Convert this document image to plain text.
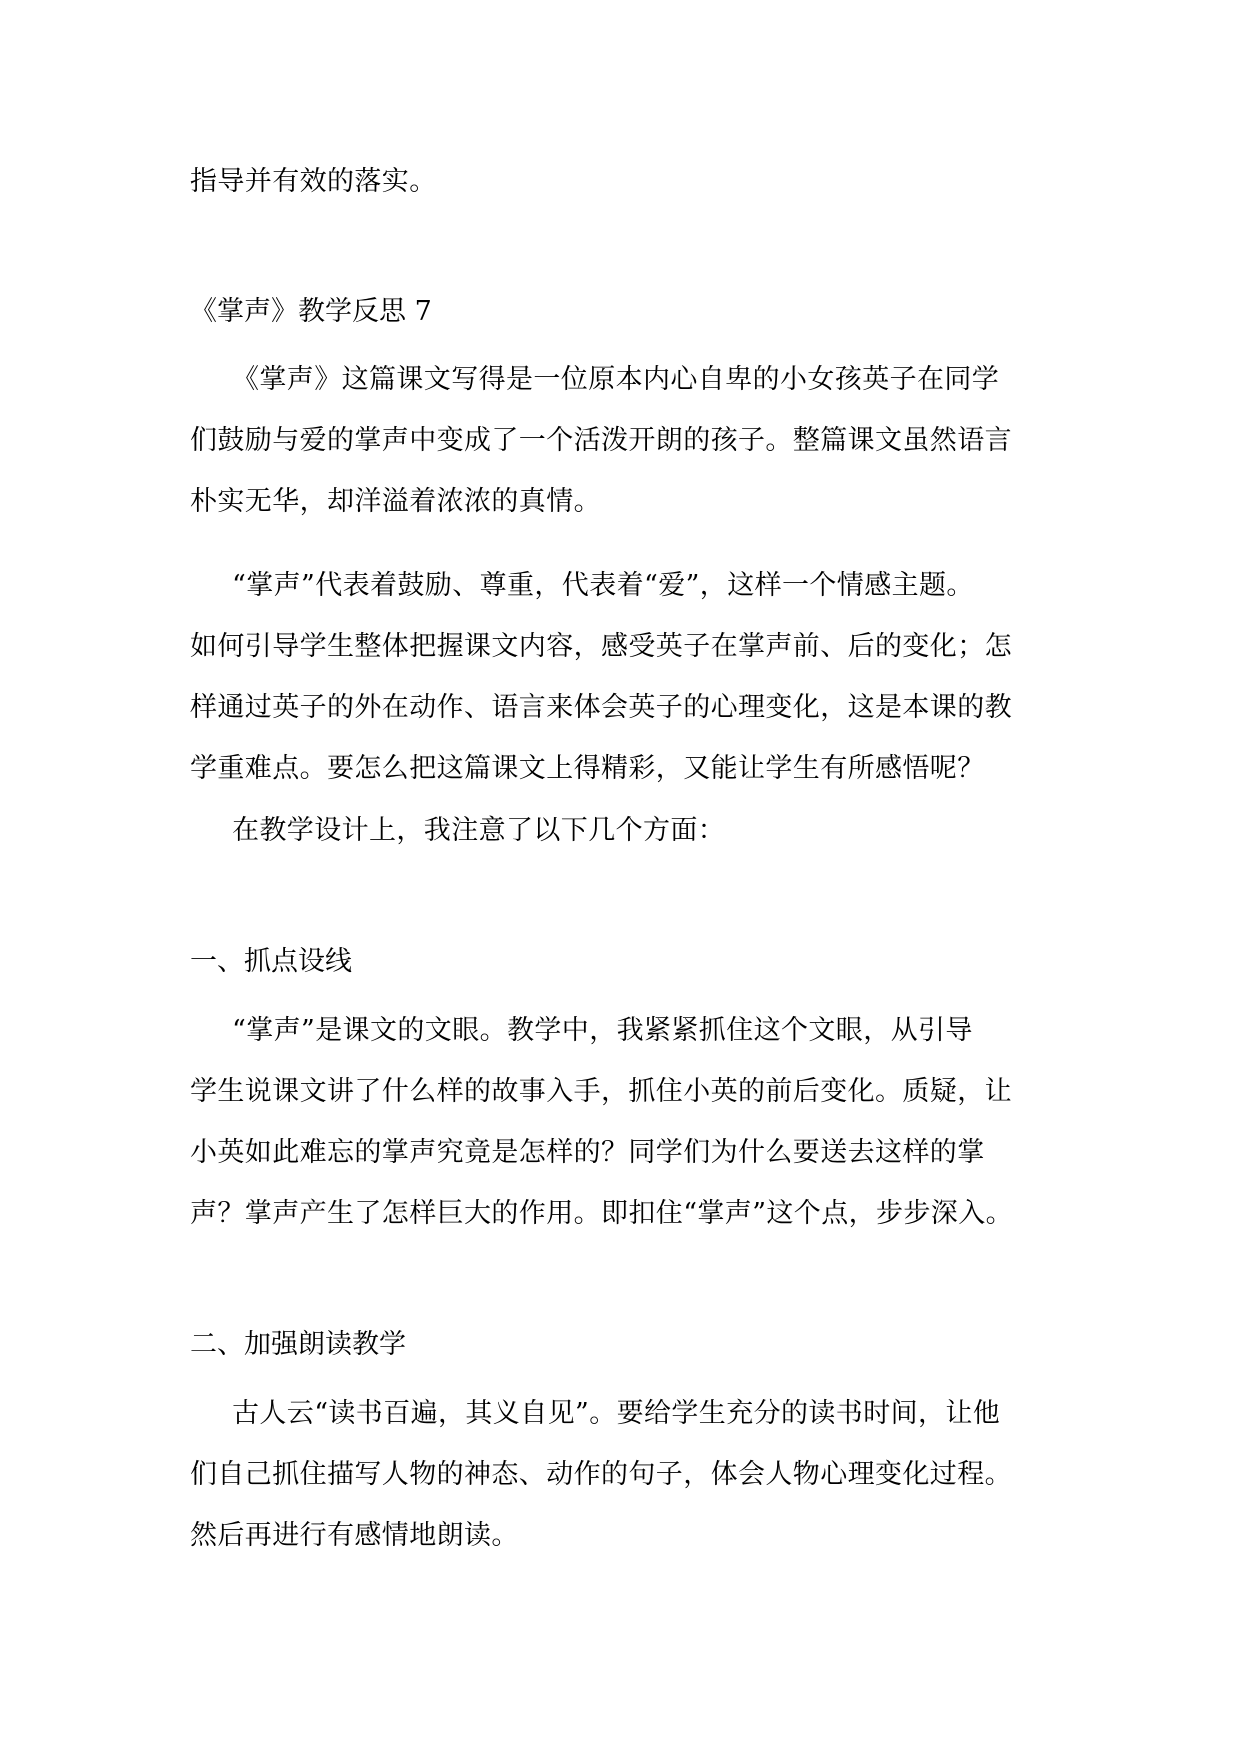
指导并有效的落实。
《掌声》教学反思 7
《掌声》这篇课文写得是一位原本内心自卑的小女孩英子在同学
们鼓励与爱的掌声中变成了一个活泼开朗的孩子。整篇课文虽然语言
朴实无华，却洋溢着浓浓的真情。
“掌声”代表着鼓励、尊重，代表着“爱”，这样一个情感主题。
如何引导学生整体把握课文内容，感受英子在掌声前、后的变化；怎
样通过英子的外在动作、语言来体会英子的心理变化，这是本课的教
学重难点。要怎么把这篇课文上得精彩，又能让学生有所感悟呢？
在教学设计上，我注意了以下几个方面：
一、抓点设线
“掌声”是课文的文眼。教学中，我紧紧抓住这个文眼，从引导
学生说课文讲了什么样的故事入手，抓住小英的前后变化。质疑，让
小英如此难忘的掌声究竟是怎样的？同学们为什么要送去这样的掌
声？掌声产生了怎样巨大的作用。即扣住“掌声”这个点，步步深入。
二、加强朗读教学
古人云“读书百遍，其义自见”。要给学生充分的读书时间，让他
们自己抓住描写人物的神态、动作的句子，体会人物心理变化过程。
然后再进行有感情地朗读。
